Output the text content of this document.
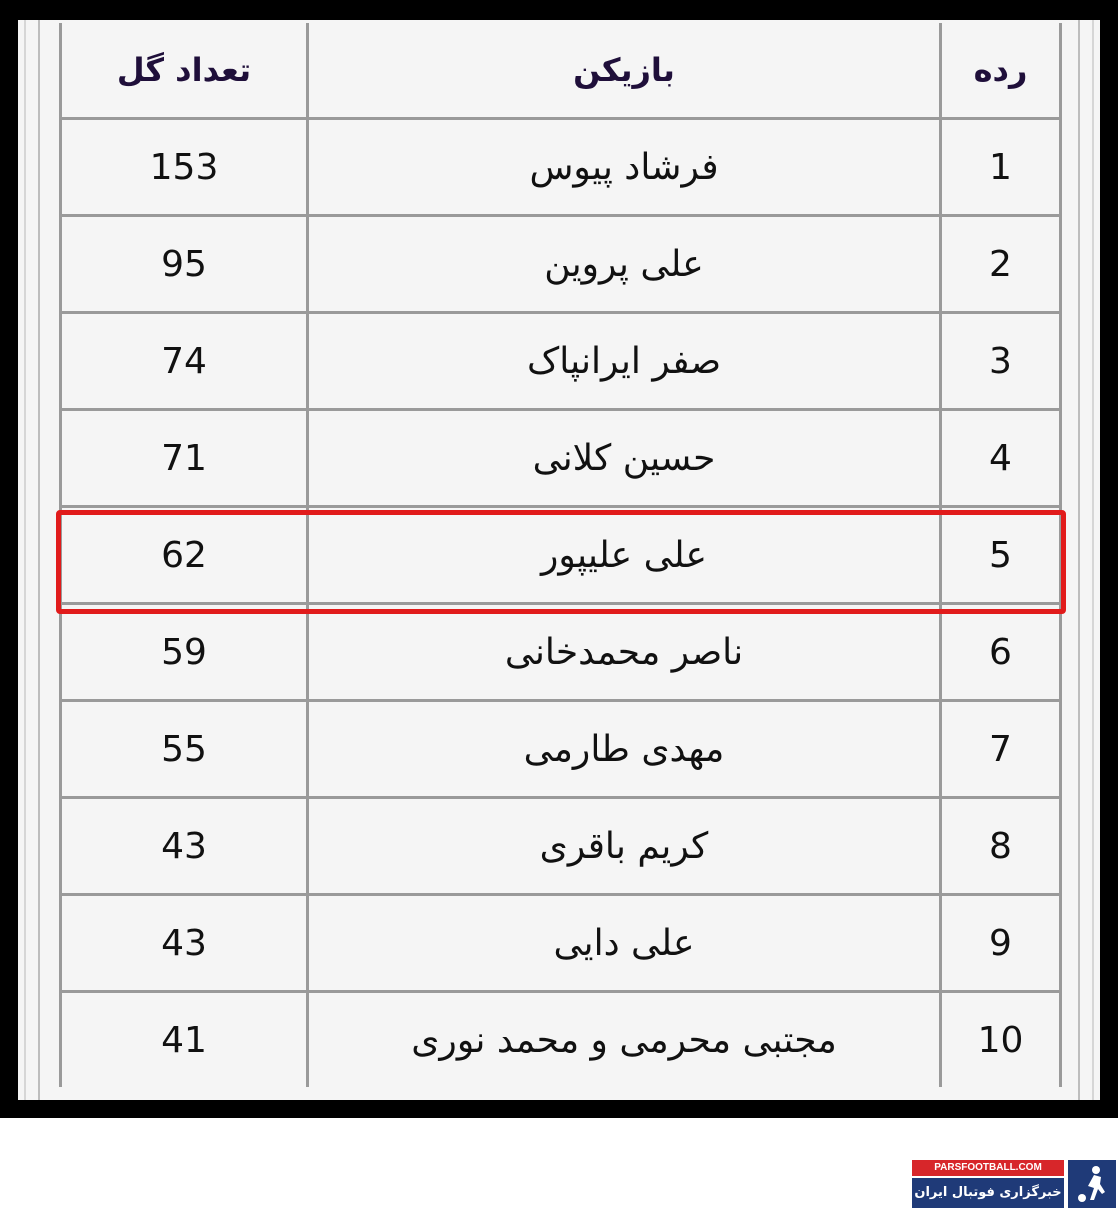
رده	بازیکن	تعداد گل
1	فرشاد پیوس	153
2	علی پروین	95
3	صفر ایرانپاک	74
4	حسین کلانی	71
5	علی علیپور	62
6	ناصر محمدخانی	59
7	مهدی طارمی	55
8	کریم باقری	43
9	علی دایی	43
10	مجتبی محرمی و محمد نوری	41
PARSFOOTBALL.COM
خبرگزاری فوتبال ایران
